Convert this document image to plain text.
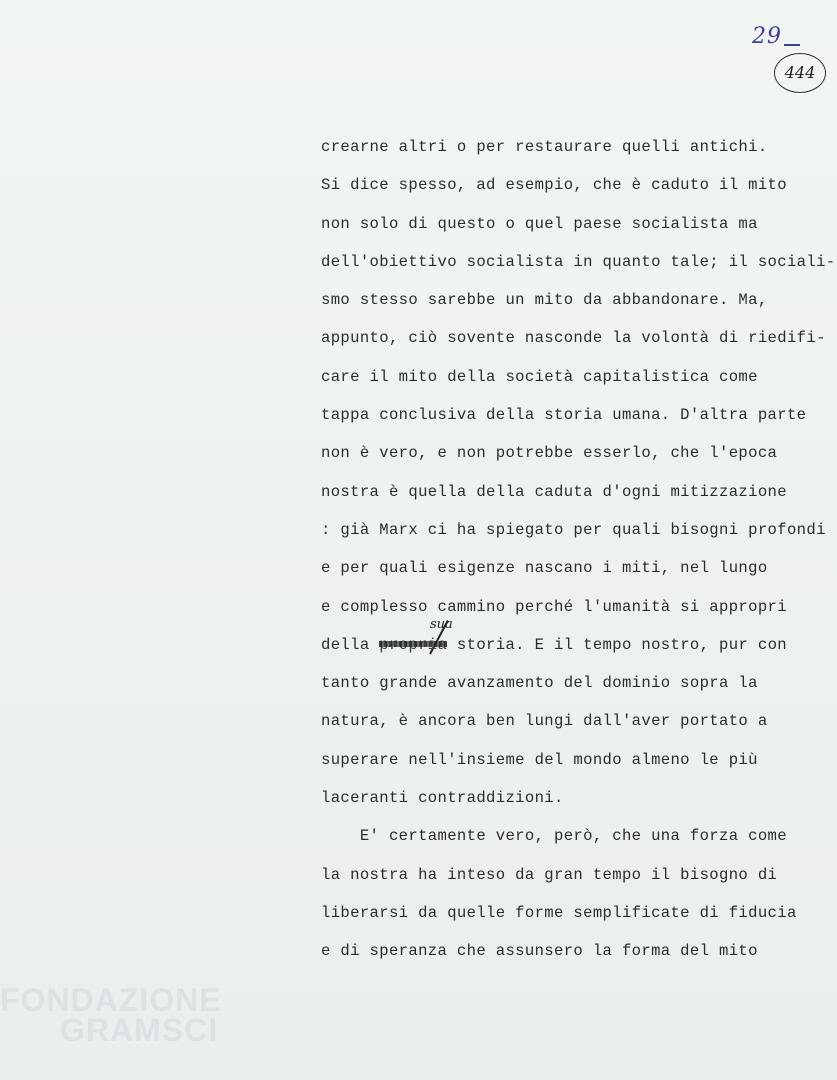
FONDAZIONE
GRAMSCI
29
444
sua
crearne altri o per restaurare quelli antichi.
Si dice spesso, ad esempio, che è caduto il mito
non solo di questo o quel paese socialista ma
dell'obiettivo socialista in quanto tale; il sociali-
smo stesso sarebbe un mito da abbandonare. Ma,
appunto, ciò sovente nasconde la volontà di riedifi-
care il mito della società capitalistica come
tappa conclusiva della storia umana. D'altra parte
non è vero, e non potrebbe esserlo, che l'epoca
nostra è quella della caduta d'ogni mitizzazione
: già Marx ci ha spiegato per quali bisogni profondi
e per quali esigenze nascano i miti, nel lungo
e complesso cammino perché l'umanità si appropri
della	storia. E il tempo nostro, pur con
tanto grande avanzamento del dominio sopra la
natura, è ancora ben lungi dall'aver portato a
superare nell'insieme del mondo almeno le più
laceranti contraddizioni.
E' certamente vero, però, che una forza come
la nostra ha inteso da gran tempo il bisogno di
liberarsi da quelle forme semplificate di fiducia
e di speranza che assunsero la forma del mito
